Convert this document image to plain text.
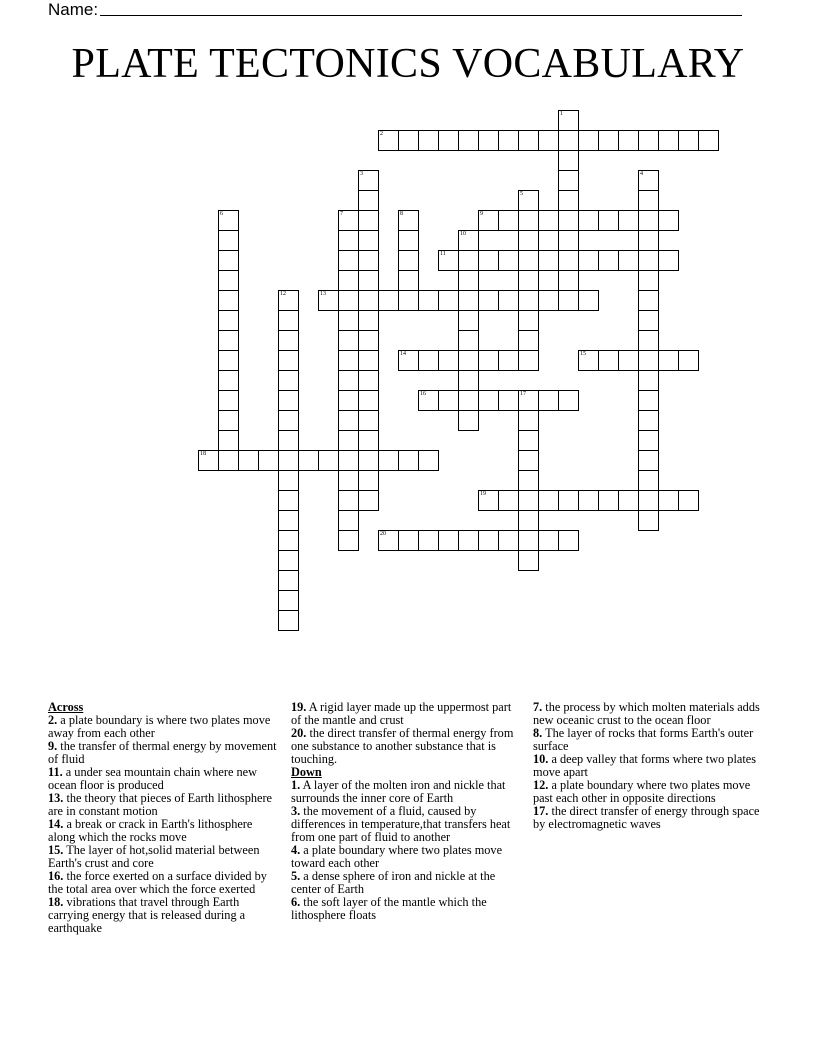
Name:
PLATE TECTONICS VOCABULARY
1
2
3	4
5
6	7	8	9
10
11
12	13
14	15
16	17
18
19
20
Across
2. a plate boundary is where two plates move away from each other
9. the transfer of thermal energy by movement of fluid
11. a under sea mountain chain where new ocean floor is produced
13. the theory that pieces of Earth lithosphere are in constant motion
14. a break or crack in Earth's lithosphere along which the rocks move
15. The layer of hot,solid material between Earth's crust and core
16. the force exerted on a surface divided by the total area over which the force exerted
18. vibrations that travel through Earth carrying energy that is released during a earthquake
19. A rigid layer made up the uppermost part of the mantle and crust
20. the direct transfer of thermal energy from one substance to another substance that is touching.
Down
1. A layer of the molten iron and nickle that surrounds the inner core of Earth
3. the movement of a fluid, caused by differences in temperature,that transfers heat from one part of fluid to another
4. a plate boundary where two plates move toward each other
5. a dense sphere of iron and nickle at the center of Earth
6. the soft layer of the mantle which the lithosphere floats
7. the process by which molten materials adds new oceanic crust to the ocean floor
8. The layer of rocks that forms Earth's outer surface
10. a deep valley that forms where two plates move apart
12. a plate boundary where two plates move past each other in opposite directions
17. the direct transfer of energy through space by electromagnetic waves
